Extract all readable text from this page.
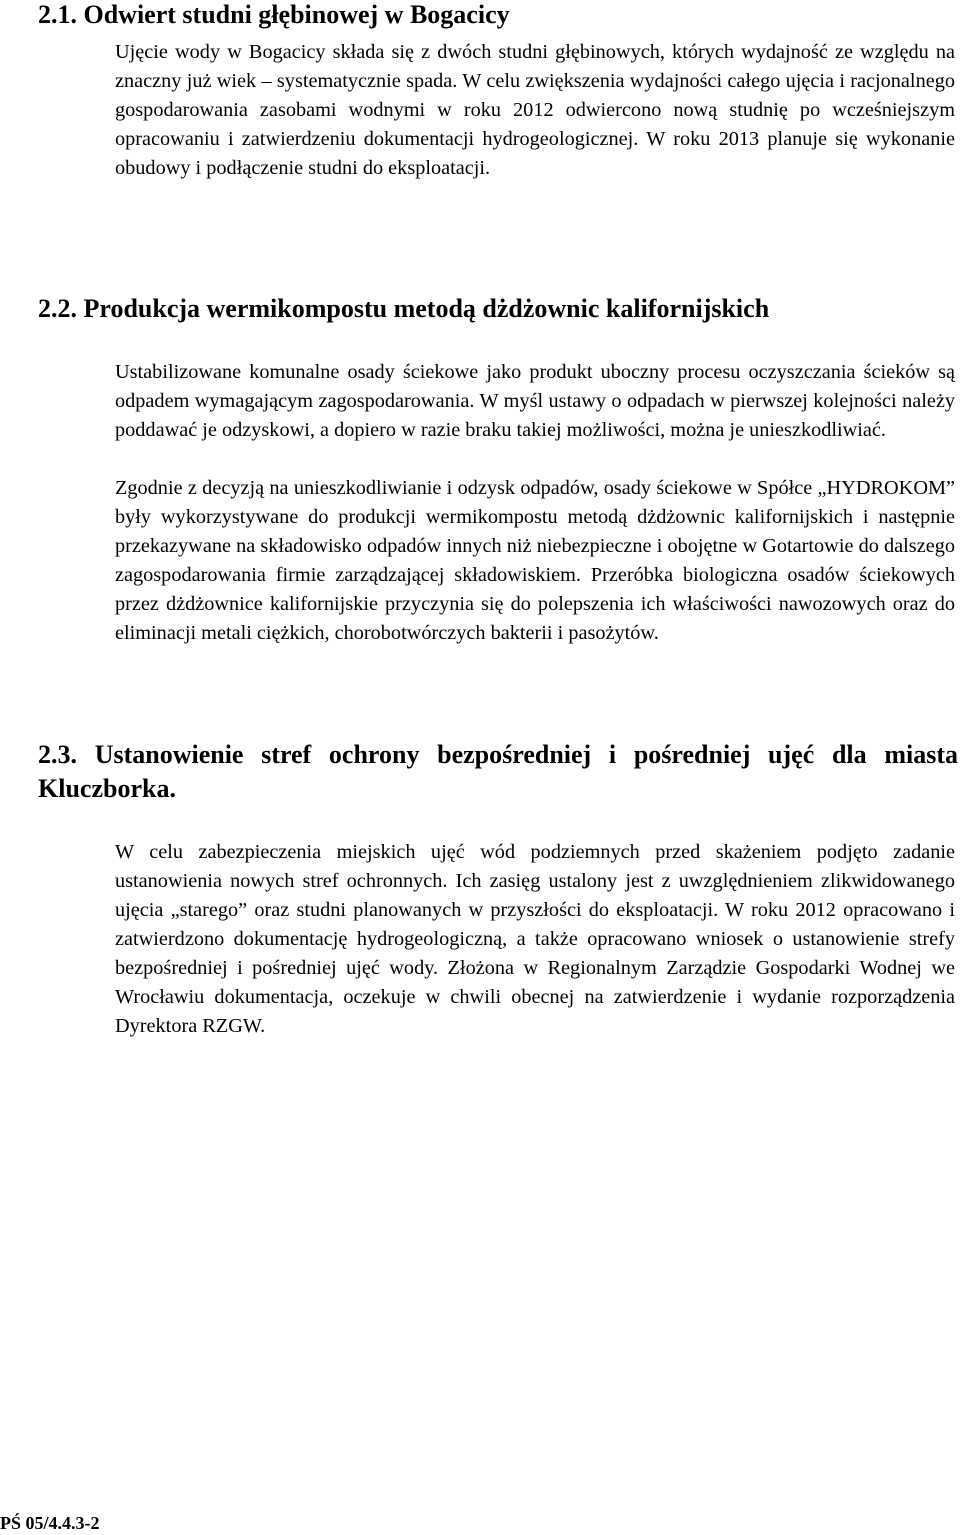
2.1. Odwiert studni głębinowej w Bogacicy

Ujęcie wody w Bogacicy składa się z dwóch studni głębinowych, których wydajność ze względu na znaczny już wiek – systematycznie spada. W celu zwiększenia wydajności całego ujęcia i racjonalnego gospodarowania zasobami wodnymi w roku 2012 odwiercono nową studnię po wcześniejszym opracowaniu i zatwierdzeniu dokumentacji hydrogeologicznej. W roku 2013 planuje się wykonanie obudowy i podłączenie studni do eksploatacji.

2.2. Produkcja wermikompostu metodą dżdżownic kalifornijskich

Ustabilizowane komunalne osady ściekowe jako produkt uboczny procesu oczyszczania ścieków są odpadem wymagającym zagospodarowania. W myśl ustawy o odpadach w pierwszej kolejności należy poddawać je odzyskowi, a dopiero w razie braku takiej możliwości, można je unieszkodliwiać.

Zgodnie z decyzją na unieszkodliwianie i odzysk odpadów, osady ściekowe w Spółce „HYDROKOM” były wykorzystywane do produkcji wermikompostu metodą dżdżownic kalifornijskich i następnie przekazywane na składowisko odpadów innych niż niebezpieczne i obojętne w Gotartowie do dalszego zagospodarowania firmie zarządzającej składowiskiem. Przeróbka biologiczna osadów ściekowych przez dżdżownice kalifornijskie przyczynia się do polepszenia ich właściwości nawozowych oraz do eliminacji metali ciężkich, chorobotwórczych bakterii i pasożytów.

2.3. Ustanowienie stref ochrony bezpośredniej i pośredniej ujęć dla miasta Kluczborka.

W celu zabezpieczenia miejskich ujęć wód podziemnych przed skażeniem podjęto zadanie ustanowienia nowych stref ochronnych. Ich zasięg ustalony jest z uwzględnieniem zlikwidowanego ujęcia „starego” oraz studni planowanych w przyszłości do eksploatacji. W roku 2012 opracowano i zatwierdzono dokumentację hydrogeologiczną, a także opracowano wniosek o ustanowienie strefy bezpośredniej i pośredniej ujęć wody. Złożona w Regionalnym Zarządzie Gospodarki Wodnej we Wrocławiu dokumentacja, oczekuje w chwili obecnej na zatwierdzenie i wydanie rozporządzenia Dyrektora RZGW.

PŚ 05/4.4.3-2
